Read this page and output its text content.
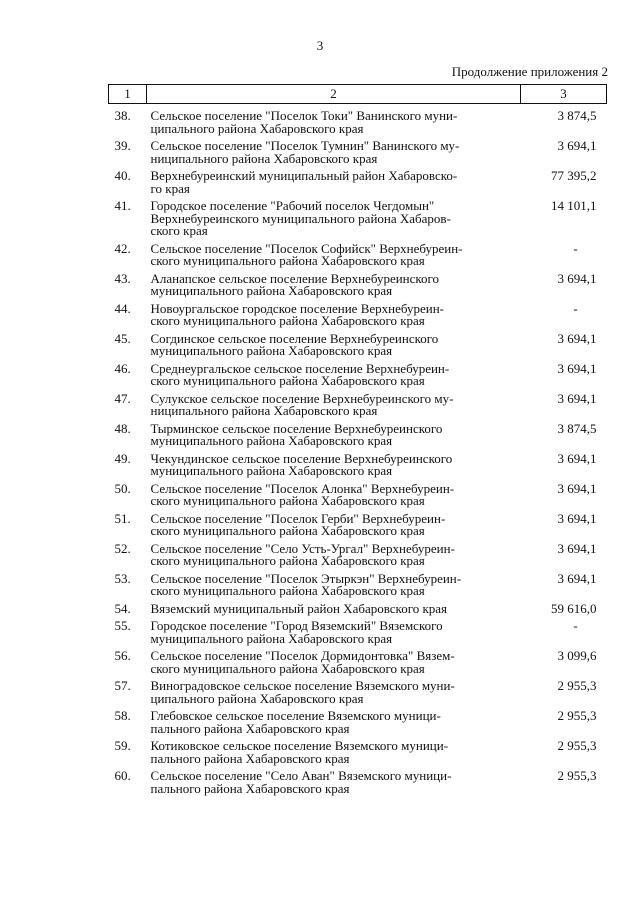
3
Продолжение приложения 2
1	2	3
38.	Сельское поселение "Поселок Токи" Ванинского муни-
ципального района Хабаровского края	3 874,5
39.	Сельское поселение "Поселок Тумнин" Ванинского му-
ниципального района Хабаровского края	3 694,1
40.	Верхнебуреинский муниципальный район Хабаровско-
го края	77 395,2
41.	Городское поселение "Рабочий поселок Чегдомын"
Верхнебуреинского муниципального района Хабаров-
ского края	14 101,1
42.	Сельское поселение "Поселок Софийск" Верхнебуреин-
ского муниципального района Хабаровского края	-
43.	Аланапское сельское поселение Верхнебуреинского
муниципального района Хабаровского края	3 694,1
44.	Новоургальское городское поселение Верхнебуреин-
ского муниципального района Хабаровского края	-
45.	Согдинское сельское поселение Верхнебуреинского
муниципального района Хабаровского края	3 694,1
46.	Среднеургальское сельское поселение Верхнебуреин-
ского муниципального района Хабаровского края	3 694,1
47.	Сулукское сельское поселение Верхнебуреинского му-
ниципального района Хабаровского края	3 694,1
48.	Тырминское сельское поселение Верхнебуреинского
муниципального района Хабаровского края	3 874,5
49.	Чекундинское сельское поселение Верхнебуреинского
муниципального района Хабаровского края	3 694,1
50.	Сельское поселение "Поселок Алонка" Верхнебуреин-
ского муниципального района Хабаровского края	3 694,1
51.	Сельское поселение "Поселок Герби" Верхнебуреин-
ского муниципального района Хабаровского края	3 694,1
52.	Сельское поселение "Село Усть-Ургал" Верхнебуреин-
ского муниципального района Хабаровского края	3 694,1
53.	Сельское поселение "Поселок Этыркэн" Верхнебуреин-
ского муниципального района Хабаровского края	3 694,1
54.	Вяземский муниципальный район Хабаровского края	59 616,0
55.	Городское поселение "Город Вяземский" Вяземского
муниципального района Хабаровского края	-
56.	Сельское поселение "Поселок Дормидонтовка" Вязем-
ского муниципального района Хабаровского края	3 099,6
57.	Виноградовское сельское поселение Вяземского муни-
ципального района Хабаровского края	2 955,3
58.	Глебовское сельское поселение Вяземского муници-
пального района Хабаровского края	2 955,3
59.	Котиковское сельское поселение Вяземского муници-
пального района Хабаровского края	2 955,3
60.	Сельское поселение "Село Аван" Вяземского муници-
пального района Хабаровского края	2 955,3
